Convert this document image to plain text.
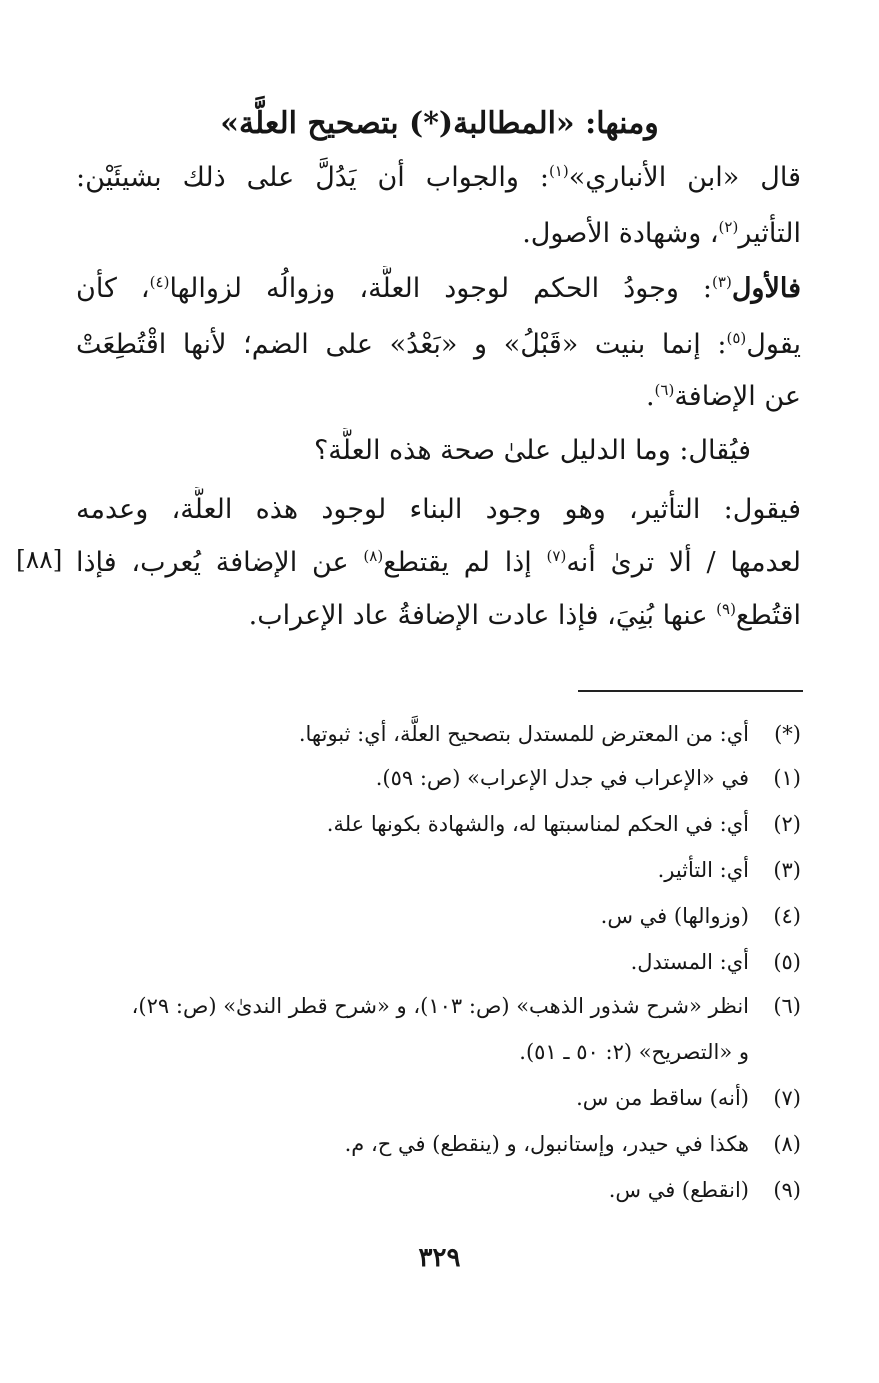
ومنها: «المطالبة(*) بتصحيح العلَّة»
قال «ابن الأنباري»$^{(١)}$: والجواب أن يَدُلَّ على ذلك بشيئَيْن:
التأثير$^{(٢)}$، وشهادة الأصول.
فالأول$^{(٣)}$: وجودُ الحكم لوجود العلَّة، وزوالُه لزوالها$^{(٤)}$، كأن
يقول$^{(٥)}$: إنما بنيت «قَبْلُ» و «بَعْدُ» على الضم؛ لأنها اقْتُطِعَتْ
عن الإضافة$^{(٦)}$.
فيُقال: وما الدليل علىٰ صحة هذه العلَّة؟
فيقول: التأثير، وهو وجود البناء لوجود هذه العلَّة، وعدمه
لعدمها / ألا ترىٰ أنه$^{(٧)}$ إذا لم يقتطع$^{(٨)}$ عن الإضافة يُعرب، فإذا
[٨٨]
اقتُطع$^{(٩)}$ عنها بُنِيَ، فإذا عادت الإضافةُ عاد الإعراب.
(*)أي: من المعترض للمستدل بتصحيح العلَّة، أي: ثبوتها.
(١)في «الإعراب في جدل الإعراب» (ص: ٥٩).
(٢)أي: في الحكم لمناسبتها له، والشهادة بكونها علة.
(٣)أي: التأثير.
(٤)(وزوالها) في س.
(٥)أي: المستدل.
(٦)انظر «شرح شذور الذهب» (ص: ١٠٣)، و «شرح قطر الندىٰ» (ص: ٢٩)،
و «التصريح» (٢: ٥٠ ـ ٥١).
(٧)(أنه) ساقط من س.
(٨)هكذا في حيدر، وإستانبول، و (ينقطع) في ح، م.
(٩)(انقطع) في س.
٣٢٩
